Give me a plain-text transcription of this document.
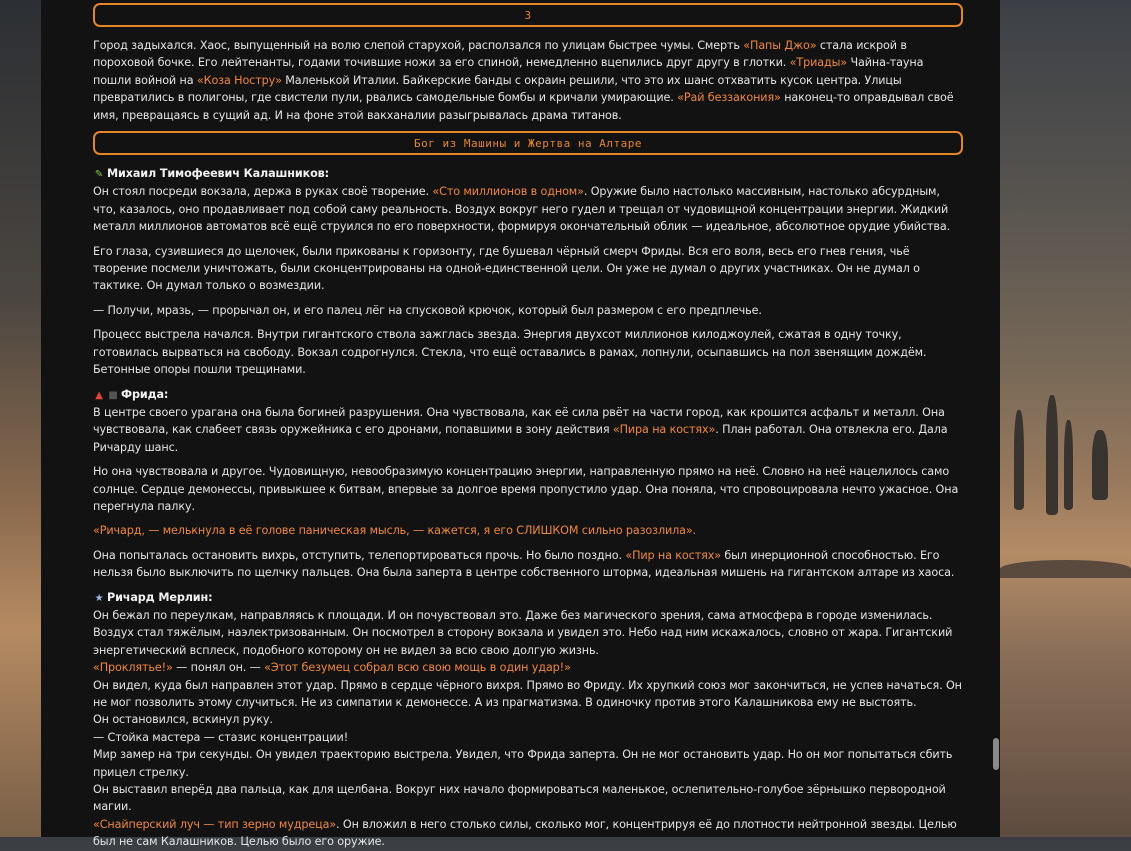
3

Город задыхался. Хаос, выпущенный на волю слепой старухой, расползался по улицам быстрее чумы. Смерть «Папы Джо» стала искрой в пороховой бочке. Его лейтенанты, годами точившие ножи за его спиной, немедленно вцепились друг другу в глотки. «Триады» Чайна-тауна пошли войной на «Коза Ностру» Маленькой Италии. Байкерские банды с окраин решили, что это их шанс отхватить кусок центра. Улицы превратились в полигоны, где свистели пули, рвались самодельные бомбы и кричали умирающие. «Рай беззакония» наконец-то оправдывал своё имя, превращаясь в сущий ад. И на фоне этой вакханалии разыгрывалась драма титанов.

Бог из Машины и Жертва на Алтаре

✎ Михаил Тимофеевич Калашников:

Он стоял посреди вокзала, держа в руках своё творение. «Сто миллионов в одном». Оружие было настолько массивным, настолько абсурдным, что, казалось, оно продавливает под собой саму реальность. Воздух вокруг него гудел и трещал от чудовищной концентрации энергии. Жидкий металл миллионов автоматов всё ещё струился по его поверхности, формируя окончательный облик — идеальное, абсолютное орудие убийства.

Его глаза, сузившиеся до щелочек, были прикованы к горизонту, где бушевал чёрный смерч Фриды. Вся его воля, весь его гнев гения, чьё творение посмели уничтожать, были сконцентрированы на одной-единственной цели. Он уже не думал о других участниках. Он не думал о тактике. Он думал только о возмездии.

— Получи, мразь, — прорычал он, и его палец лёг на спусковой крючок, который был размером с его предплечье.

Процесс выстрела начался. Внутри гигантского ствола зажглась звезда. Энергия двухсот миллионов килоджоулей, сжатая в одну точку, готовилась вырваться на свободу. Вокзал содрогнулся. Стекла, что ещё оставались в рамах, лопнули, осыпавшись на пол звенящим дождём. Бетонные опоры пошли трещинами.

▲ ■ Фрида:

В центре своего урагана она была богиней разрушения. Она чувствовала, как её сила рвёт на части город, как крошится асфальт и металл. Она чувствовала, как слабеет связь оружейника с его дронами, попавшими в зону действия «Пира на костях». План работал. Она отвлекла его. Дала Ричарду шанс.

Но она чувствовала и другое. Чудовищную, невообразимую концентрацию энергии, направленную прямо на неё. Словно на неё нацелилось само солнце. Сердце демонессы, привыкшее к битвам, впервые за долгое время пропустило удар. Она поняла, что спровоцировала нечто ужасное. Она перегнула палку.

«Ричард, — мелькнула в её голове паническая мысль, — кажется, я его СЛИШКОМ сильно разозлила».

Она попыталась остановить вихрь, отступить, телепортироваться прочь. Но было поздно. «Пир на костях» был инерционной способностью. Его нельзя было выключить по щелчку пальцев. Она была заперта в центре собственного шторма, идеальная мишень на гигантском алтаре из хаоса.

★ Ричард Мерлин:

Он бежал по переулкам, направляясь к площади. И он почувствовал это. Даже без магического зрения, сама атмосфера в городе изменилась. Воздух стал тяжёлым, наэлектризованным. Он посмотрел в сторону вокзала и увидел это. Небо над ним искажалось, словно от жара. Гигантский энергетический всплеск, подобного которому он не видел за всю свою долгую жизнь.

«Проклятье!» — понял он. — «Этот безумец собрал всю свою мощь в один удар!»

Он видел, куда был направлен этот удар. Прямо в сердце чёрного вихря. Прямо во Фриду. Их хрупкий союз мог закончиться, не успев начаться. Он не мог позволить этому случиться. Не из симпатии к демонессе. А из прагматизма. В одиночку против этого Калашникова ему не выстоять.

Он остановился, вскинул руку.

— Стойка мастера — стазис концентрации!

Мир замер на три секунды. Он увидел траекторию выстрела. Увидел, что Фрида заперта. Он не мог остановить удар. Но он мог попытаться сбить прицел стрелку.

Он выставил вперёд два пальца, как для щелбана. Вокруг них начало формироваться маленькое, ослепительно-голубое зёрнышко первородной магии.

«Снайперский луч — тип зерно мудреца». Он вложил в него столько силы, сколько мог, концентрируя её до плотности нейтронной звезды. Целью был не сам Калашников. Целью было его оружие.
